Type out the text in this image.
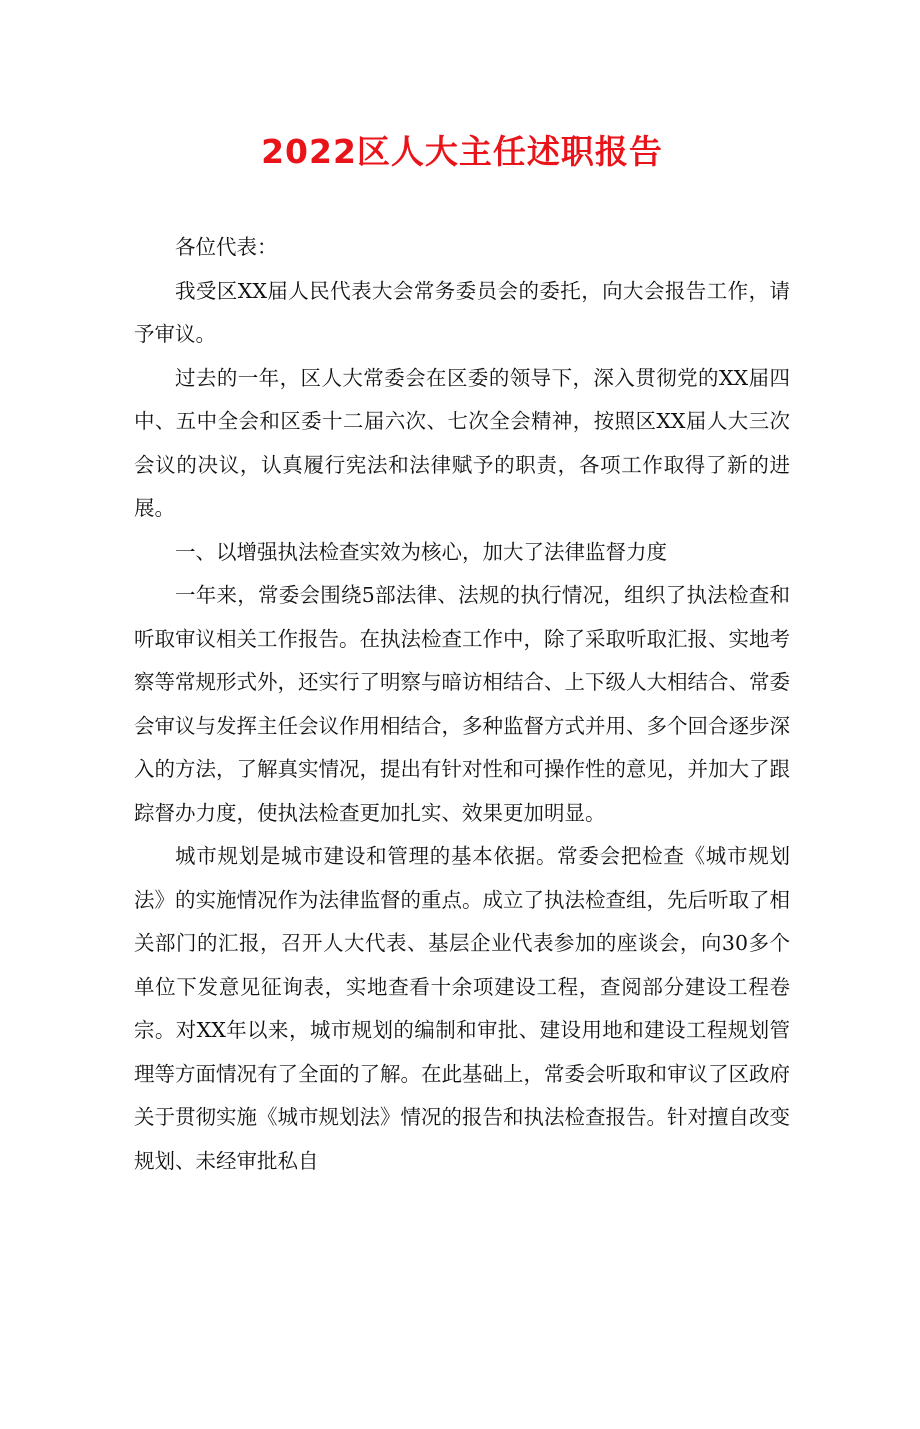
2022区人大主任述职报告

各位代表：

我受区XX届人民代表大会常务委员会的委托，向大会报告工作，请予审议。

过去的一年，区人大常委会在区委的领导下，深入贯彻党的XX届四中、五中全会和区委十二届六次、七次全会精神，按照区XX届人大三次会议的决议，认真履行宪法和法律赋予的职责，各项工作取得了新的进展。

一、以增强执法检查实效为核心，加大了法律监督力度

一年来，常委会围绕5部法律、法规的执行情况，组织了执法检查和听取审议相关工作报告。在执法检查工作中，除了采取听取汇报、实地考察等常规形式外，还实行了明察与暗访相结合、上下级人大相结合、常委会审议与发挥主任会议作用相结合，多种监督方式并用、多个回合逐步深入的方法，了解真实情况，提出有针对性和可操作性的意见，并加大了跟踪督办力度，使执法检查更加扎实、效果更加明显。

城市规划是城市建设和管理的基本依据。常委会把检查《城市规划法》的实施情况作为法律监督的重点。成立了执法检查组，先后听取了相关部门的汇报，召开人大代表、基层企业代表参加的座谈会，向30多个单位下发意见征询表，实地查看十余项建设工程，查阅部分建设工程卷宗。对XX年以来，城市规划的编制和审批、建设用地和建设工程规划管理等方面情况有了全面的了解。在此基础上，常委会听取和审议了区政府关于贯彻实施《城市规划法》情况的报告和执法检查报告。针对擅自改变规划、未经审批私自
